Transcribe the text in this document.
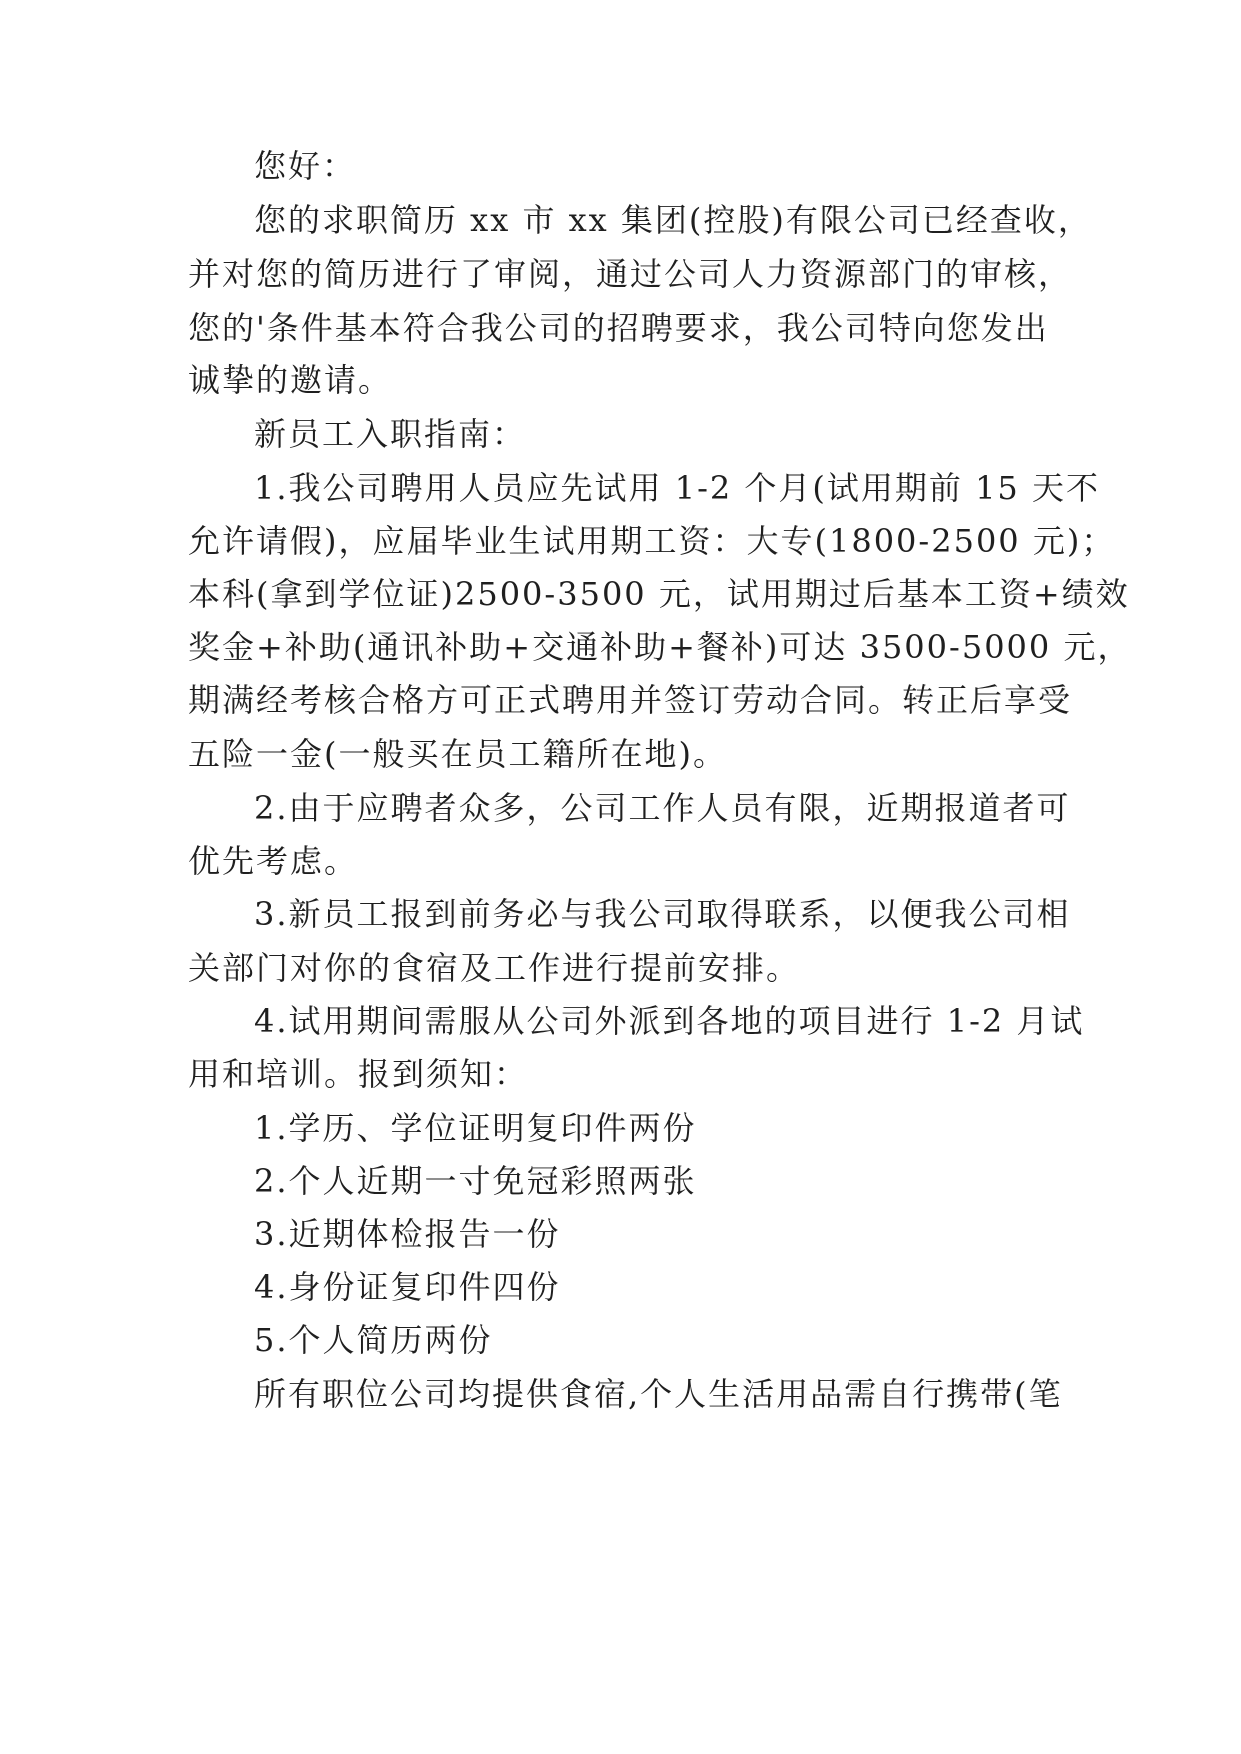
您好：
您的求职简历 xx 市 xx 集团(控股)有限公司已经查收，
并对您的简历进行了审阅，通过公司人力资源部门的审核，
您的'条件基本符合我公司的招聘要求，我公司特向您发出
诚挚的邀请。
新员工入职指南：
1.我公司聘用人员应先试用 1-2 个月(试用期前 15 天不
允许请假)，应届毕业生试用期工资：大专(1800-2500 元)；
本科(拿到学位证)2500-3500 元，试用期过后基本工资+绩效
奖金+补助(通讯补助+交通补助+餐补)可达 3500-5000 元，
期满经考核合格方可正式聘用并签订劳动合同。转正后享受
五险一金(一般买在员工籍所在地)。
2.由于应聘者众多，公司工作人员有限，近期报道者可
优先考虑。
3.新员工报到前务必与我公司取得联系，以便我公司相
关部门对你的食宿及工作进行提前安排。
4.试用期间需服从公司外派到各地的项目进行 1-2 月试
用和培训。报到须知：
1.学历、学位证明复印件两份
2.个人近期一寸免冠彩照两张
3.近期体检报告一份
4.身份证复印件四份
5.个人简历两份
所有职位公司均提供食宿,个人生活用品需自行携带(笔
